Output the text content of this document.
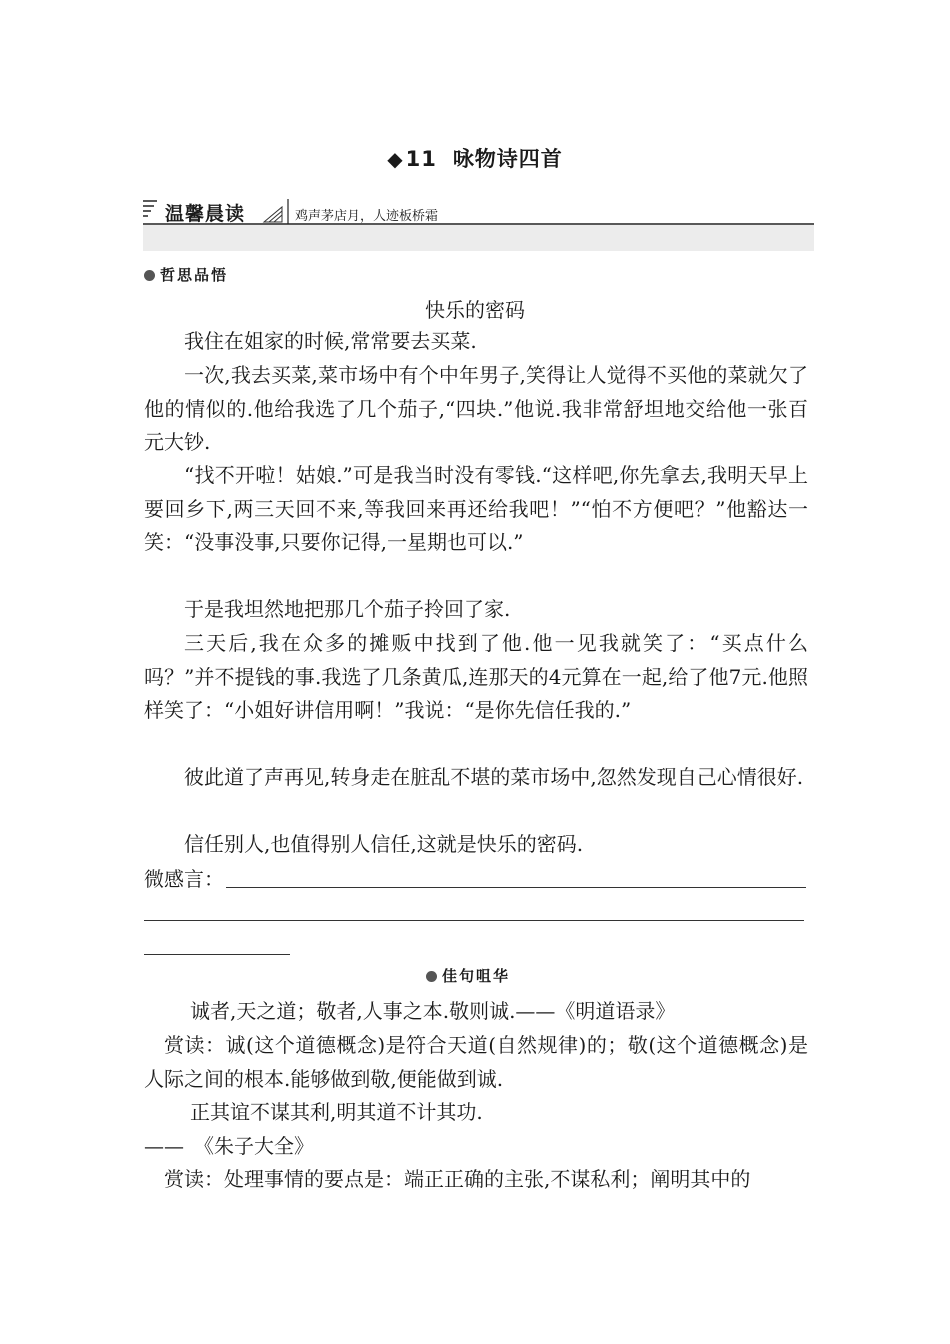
◆11 咏物诗四首
温馨晨读	鸡声茅店月，人迹板桥霜
哲思品悟
快乐的密码

我住在姐家的时候,常常要去买菜.

一次,我去买菜,菜市场中有个中年男子,笑得让人觉得不买他的菜就欠了他的情似的.他给我选了几个茄子,“四块.”他说.我非常舒坦地交给他一张百元大钞.

“找不开啦！姑娘.”可是我当时没有零钱.“这样吧,你先拿去,我明天早上要回乡下,两三天回不来,等我回来再还给我吧！”“怕不方便吧？”他豁达一笑：“没事没事,只要你记得,一星期也可以.”

于是我坦然地把那几个茄子拎回了家.

三天后,我在众多的摊贩中找到了他.他一见我就笑了：“买点什么吗？”并不提钱的事.我选了几条黄瓜,连那天的4元算在一起,给了他7元.他照样笑了：“小姐好讲信用啊！”我说：“是你先信任我的.”

彼此道了声再见,转身走在脏乱不堪的菜市场中,忽然发现自己心情很好.

信任别人,也值得别人信任,这就是快乐的密码.

微感言：
佳句咀华

诚者,天之道；敬者,人事之本.敬则诚.——《明道语录》

赏读：诚(这个道德概念)是符合天道(自然规律)的；敬(这个道德概念)是人际之间的根本.能够做到敬,便能做到诚.

正其谊不谋其利,明其道不计其功.

——　《朱子大全》

赏读：处理事情的要点是：端正正确的主张,不谋私利；阐明其中的
